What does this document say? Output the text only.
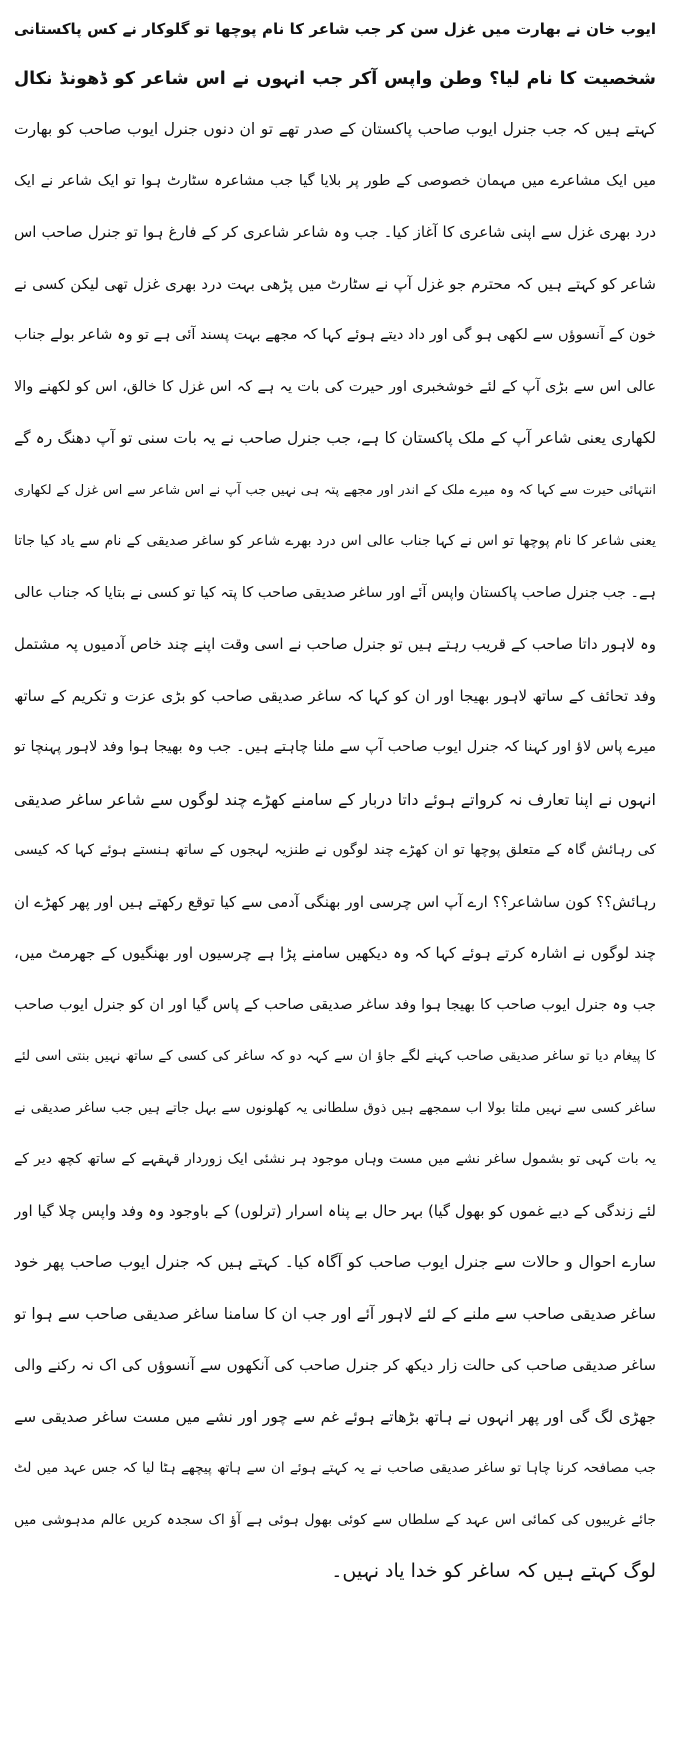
ایوب خان نے بھارت میں غزل سن کر جب شاعر کا نام پوچھا تو گلوکار نے کس پاکستانی
شخصیت کا نام لیا؟ وطن واپس آکر جب انہوں نے اس شاعر کو ڈھونڈ نکال
کہتے ہیں کہ جب جنرل ایوب صاحب پاکستان کے صدر تھے تو ان دنوں جنرل ایوب صاحب کو بھارت
میں ایک مشاعرے میں مہمان خصوصی کے طور پر بلایا گیا جب مشاعرہ سٹارٹ ہوا تو ایک شاعر نے ایک
درد بھری غزل سے اپنی شاعری کا آغاز کیا۔ جب وہ شاعر شاعری کر کے فارغ ہوا تو جنرل صاحب اس
شاعر کو کہتے ہیں کہ محترم جو غزل آپ نے سٹارٹ میں پڑھی بہت درد بھری غزل تھی لیکن کسی نے
خون کے آنسوؤں سے لکھی ہو گی اور داد دیتے ہوئے کہا کہ مجھے بہت پسند آئی ہے تو وہ شاعر بولے جناب
عالی اس سے بڑی آپ کے لئے خوشخبری اور حیرت کی بات یہ ہے کہ اس غزل کا خالق، اس کو لکھنے والا
لکھاری یعنی شاعر آپ کے ملک پاکستان کا ہے، جب جنرل صاحب نے یہ بات سنی تو آپ دھنگ رہ گے
انتہائی حیرت سے کہا کہ وہ میرے ملک کے اندر اور مجھے پتہ ہی نہیں جب آپ نے اس شاعر سے اس غزل کے لکھاری
یعنی شاعر کا نام پوچھا تو اس نے کہا جناب عالی اس درد بھرے شاعر کو ساغر صدیقی کے نام سے یاد کیا جاتا
ہے۔ جب جنرل صاحب پاکستان واپس آئے اور ساغر صدیقی صاحب کا پتہ کیا تو کسی نے بتایا کہ جناب عالی
وہ لاہور داتا صاحب کے قریب رہتے ہیں تو جنرل صاحب نے اسی وقت اپنے چند خاص آدمیوں پہ مشتمل
وفد تحائف کے ساتھ لاہور بھیجا اور ان کو کہا کہ ساغر صدیقی صاحب کو بڑی عزت و تکریم کے ساتھ
میرے پاس لاؤ اور کہنا کہ جنرل ایوب صاحب آپ سے ملنا چاہتے ہیں۔ جب وہ بھیجا ہوا وفد لاہور پہنچا تو
انہوں نے اپنا تعارف نہ کرواتے ہوئے داتا دربار کے سامنے کھڑے چند لوگوں سے شاعر ساغر صدیقی
کی رہائش گاہ کے متعلق پوچھا تو ان کھڑے چند لوگوں نے طنزیہ لہجوں کے ساتھ ہنستے ہوئے کہا کہ کیسی
رہائش؟؟ کون ساشاعر؟؟ ارے آپ اس چرسی اور بھنگی آدمی سے کیا توقع رکھتے ہیں اور پھر کھڑے ان
چند لوگوں نے اشارہ کرتے ہوئے کہا کہ وہ دیکھیں سامنے پڑا ہے چرسیوں اور بھنگیوں کے جھرمٹ میں،
جب وہ جنرل ایوب صاحب کا بھیجا ہوا وفد ساغر صدیقی صاحب کے پاس گیا اور ان کو جنرل ایوب صاحب
کا پیغام دیا تو ساغر صدیقی صاحب کہنے لگے جاؤ ان سے کہہ دو کہ ساغر کی کسی کے ساتھ نہیں بنتی اسی لئے
ساغر کسی سے نہیں ملتا بولا اب سمجھے ہیں ذوق سلطانی یہ کھلونوں سے بہل جاتے ہیں جب ساغر صدیقی نے
یہ بات کہی تو بشمول ساغر نشے میں مست وہاں موجود ہر نشئی ایک زوردار قہقہے کے ساتھ کچھ دیر کے
لئے زندگی کے دیے غموں کو بھول گیا) بہر حال بے پناہ اسرار (ترلوں) کے باوجود وہ وفد واپس چلا گیا اور
سارے احوال و حالات سے جنرل ایوب صاحب کو آگاہ کیا۔ کہتے ہیں کہ جنرل ایوب صاحب پھر خود
ساغر صدیقی صاحب سے ملنے کے لئے لاہور آئے اور جب ان کا سامنا ساغر صدیقی صاحب سے ہوا تو
ساغر صدیقی صاحب کی حالت زار دیکھ کر جنرل صاحب کی آنکھوں سے آنسوؤں کی اک نہ رکنے والی
جھڑی لگ گی اور پھر انہوں نے ہاتھ بڑھاتے ہوئے غم سے چور اور نشے میں مست ساغر صدیقی سے
جب مصافحہ کرنا چاہا تو ساغر صدیقی صاحب نے یہ کہتے ہوئے ان سے ہاتھ پیچھے ہٹا لیا کہ جس عہد میں لٹ
جائے غریبوں کی کمائی اس عہد کے سلطاں سے کوئی بھول ہوئی ہے آؤ اک سجدہ کریں عالم مدہوشی میں
لوگ کہتے ہیں کہ ساغر کو خدا یاد نہیں۔
